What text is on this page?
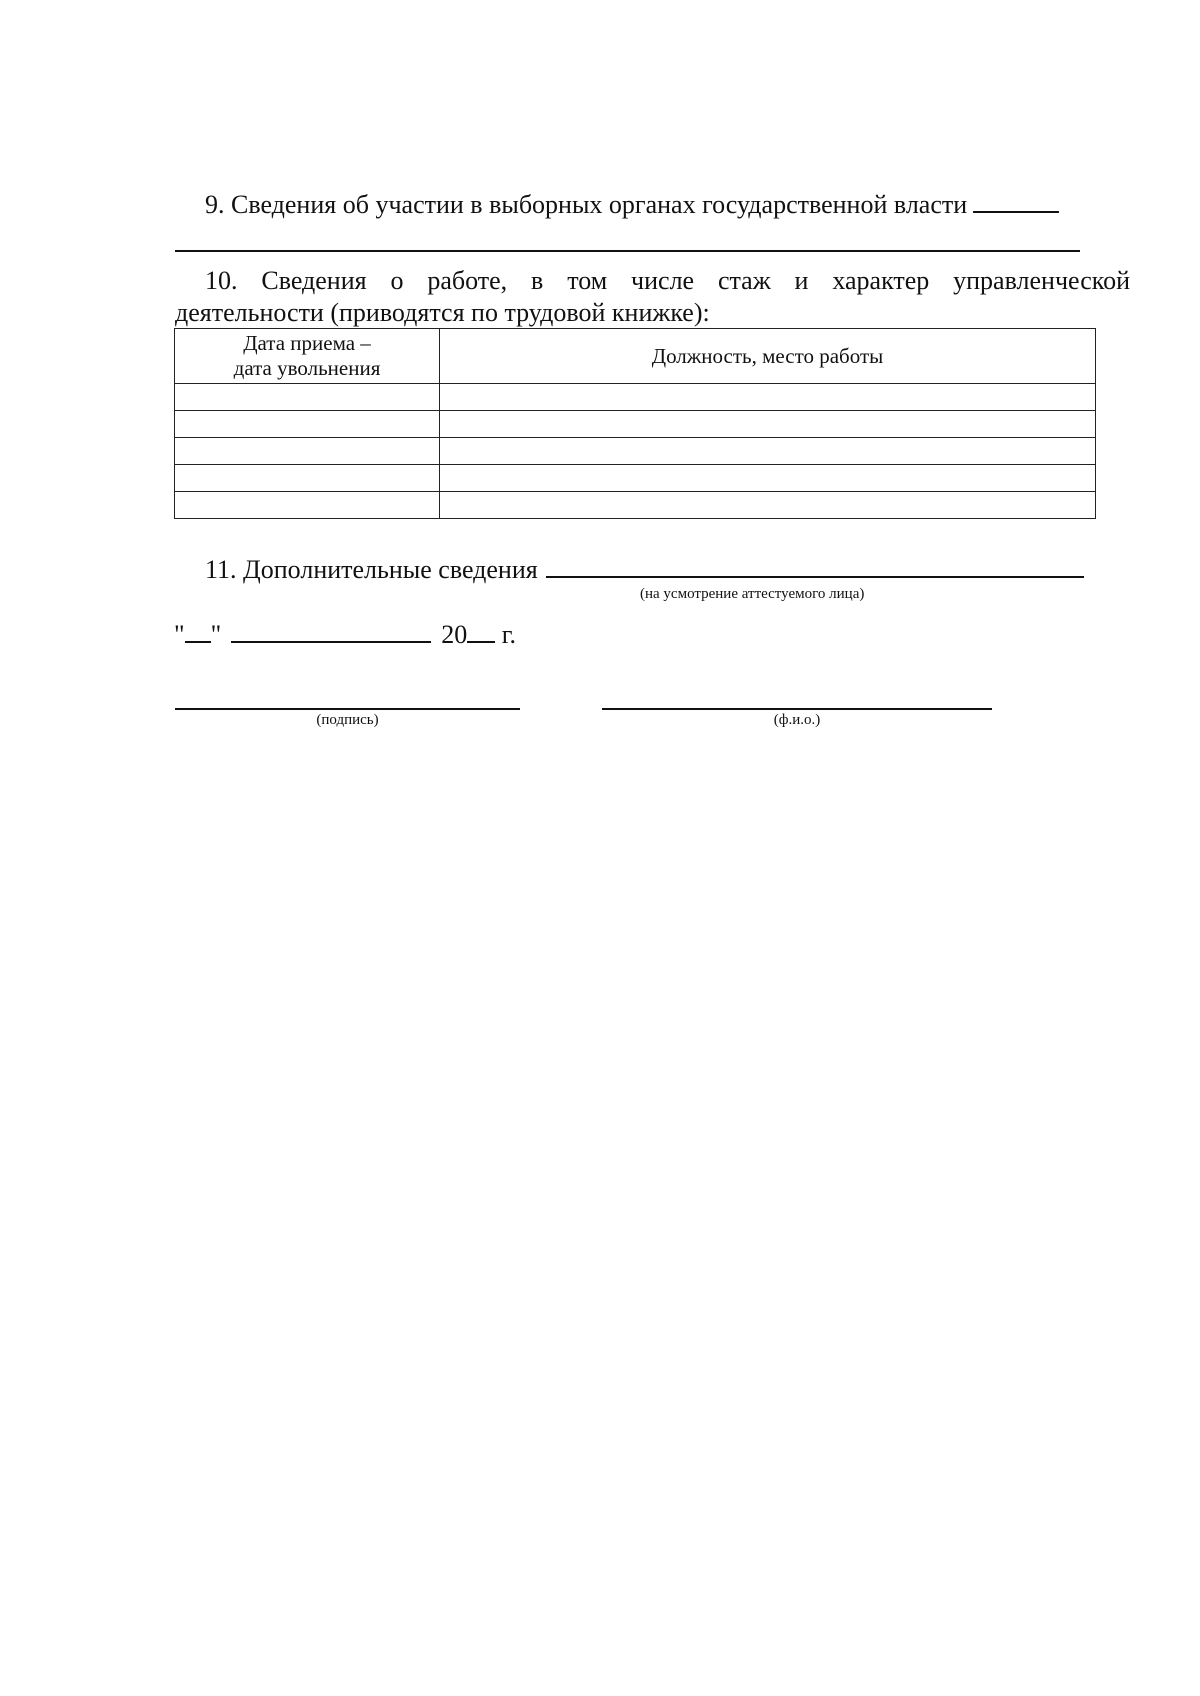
9. Сведения об участии в выборных органах государственной власти
10. Сведения о работе, в том числе стаж и характер управленческой
деятельности (приводятся по трудовой книжке):
Дата приема –
дата увольнения	Должность, место работы

11. Дополнительные сведения
(на усмотрение аттестуемого лица)
" "	20 г.
(подпись)	(ф.и.о.)
